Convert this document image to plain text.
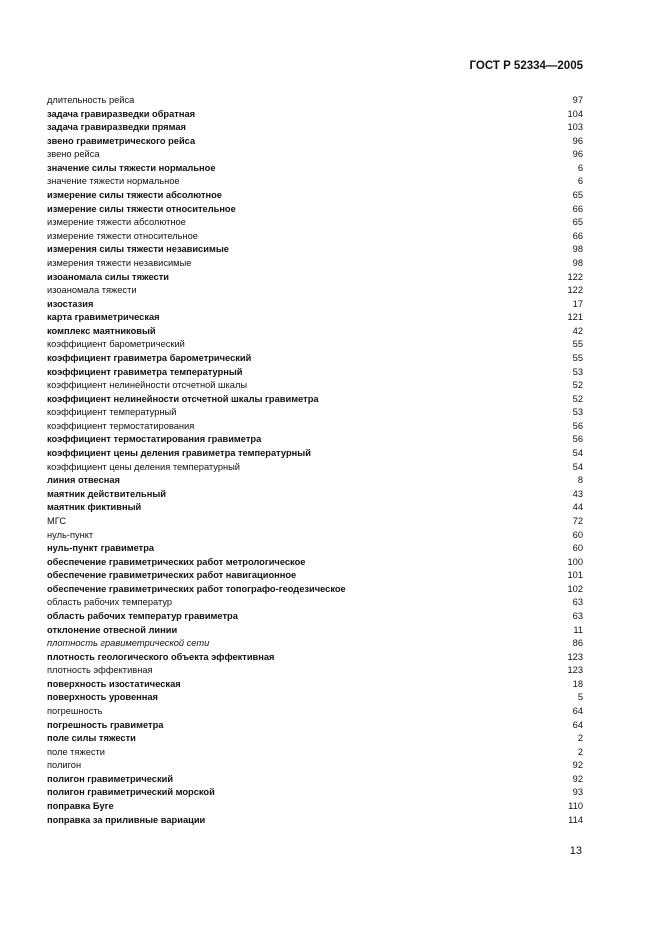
ГОСТ Р 52334—2005
длительность рейса	97
задача гравиразведки обратная	104
задача гравиразведки прямая	103
звено гравиметрического рейса	96
звено рейса	96
значение силы тяжести нормальное	6
значение тяжести нормальное	6
измерение силы тяжести абсолютное	65
измерение силы тяжести относительное	66
измерение тяжести абсолютное	65
измерение тяжести относительное	66
измерения силы тяжести независимые	98
измерения тяжести независимые	98
изоаномала силы тяжести	122
изоаномала тяжести	122
изостазия	17
карта гравиметрическая	121
комплекс маятниковый	42
коэффициент барометрический	55
коэффициент гравиметра барометрический	55
коэффициент гравиметра температурный	53
коэффициент нелинейности отсчетной шкалы	52
коэффициент нелинейности отсчетной шкалы гравиметра	52
коэффициент температурный	53
коэффициент термостатирования	56
коэффициент термостатирования гравиметра	56
коэффициент цены деления гравиметра температурный	54
коэффициент цены деления температурный	54
линия отвесная	8
маятник действительный	43
маятник фиктивный	44
МГС	72
нуль-пункт	60
нуль-пункт гравиметра	60
обеспечение гравиметрических работ метрологическое	100
обеспечение гравиметрических работ навигационное	101
обеспечение гравиметрических работ топографо-геодезическое	102
область рабочих температур	63
область рабочих температур гравиметра	63
отклонение отвесной линии	11
плотность гравиметрической сети	86
плотность геологического объекта эффективная	123
плотность эффективная	123
поверхность изостатическая	18
поверхность уровенная	5
погрешность	64
погрешность гравиметра	64
поле силы тяжести	2
поле тяжести	2
полигон	92
полигон гравиметрический	92
полигон гравиметрический морской	93
поправка Буге	110
поправка за приливные вариации	114
13
